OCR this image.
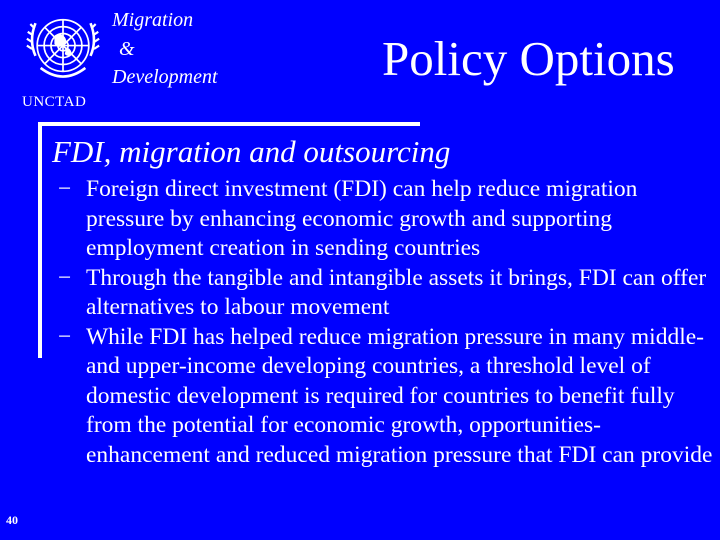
UNCTAD
Migration
&
Development	Policy Options
FDI, migration and outsourcing
− Foreign direct investment (FDI) can help reduce migration pressure by enhancing economic growth and supporting employment creation in sending countries
− Through the tangible and intangible assets it brings, FDI can offer alternatives to labour movement
− While FDI has helped reduce migration pressure in many middle- and upper-income developing countries, a threshold level of domestic development is required for countries to benefit fully from the potential for economic growth, opportunities-enhancement and reduced migration pressure that FDI can provide
40
